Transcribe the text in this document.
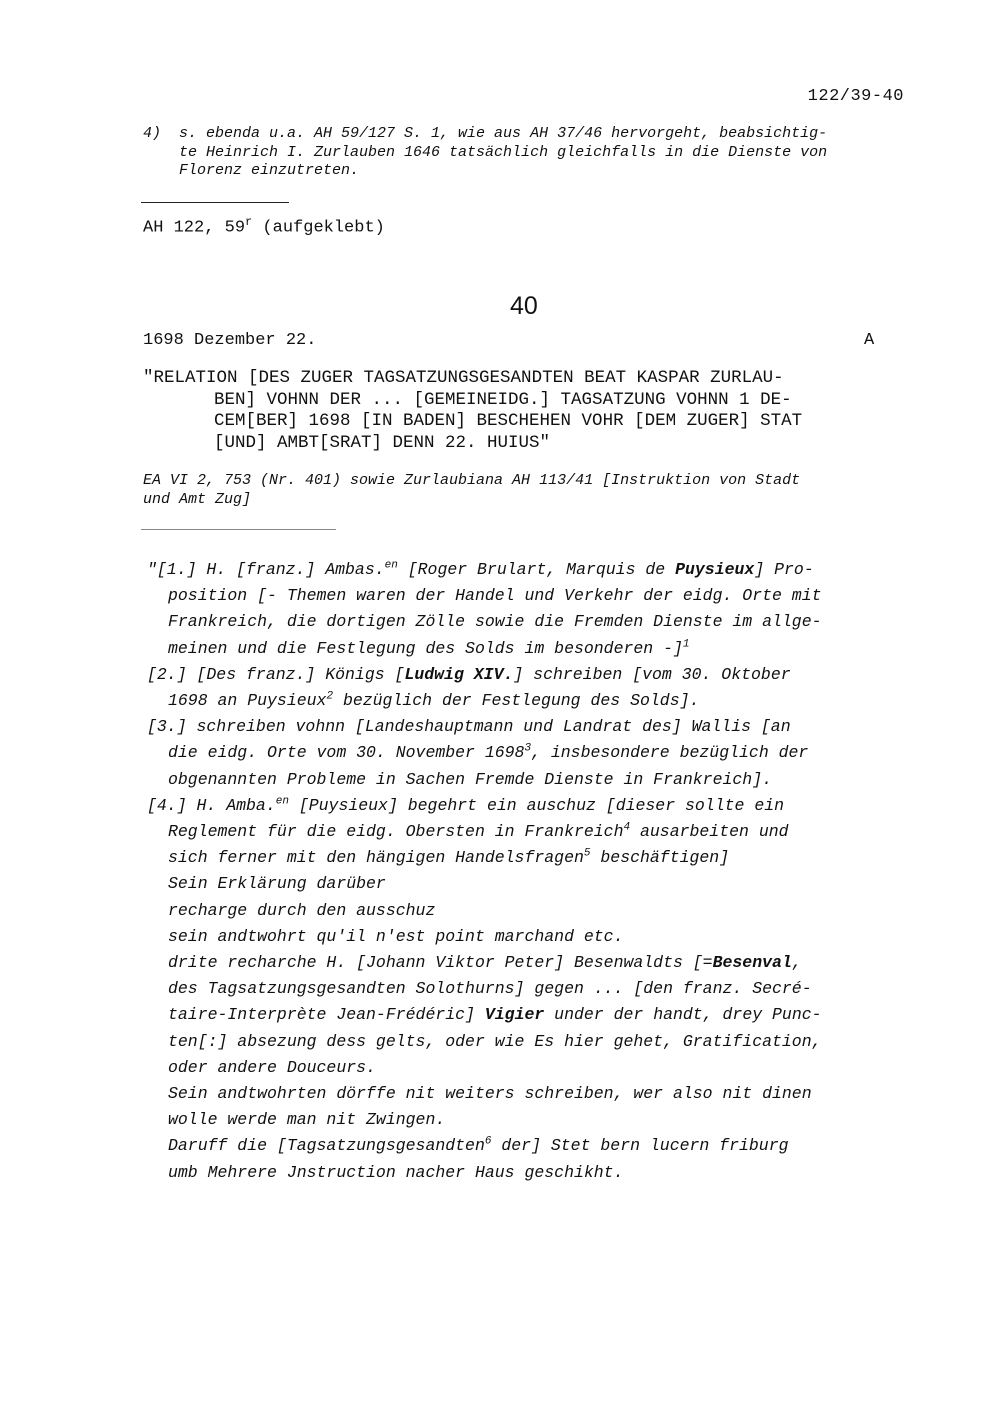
122/39-40
4)  s. ebenda u.a. AH 59/127 S. 1, wie aus AH 37/46 hervorgeht, beabsichtig-
te Heinrich I. Zurlauben 1646 tatsächlich gleichfalls in die Dienste von
Florenz einzutreten.
AH 122, 59$^r$ (aufgeklebt)
40
1698 Dezember 22.	A
"RELATION [DES ZUGER TAGSATZUNGSGESANDTEN BEAT KASPAR ZURLAU-
BEN] VOHNN DER ... [GEMEINEIDG.] TAGSATZUNG VOHNN 1 DE-
CEM[BER] 1698 [IN BADEN] BESCHEHEN VOHR [DEM ZUGER] STAT
[UND] AMBT[SRAT] DENN 22. HUIUS"
EA VI 2, 753 (Nr. 401) sowie Zurlaubiana AH 113/41 [Instruktion von Stadt
und Amt Zug]
"[1.] H. [franz.] Ambas.$^{en}$ [Roger Brulart, Marquis de Puysieux] Pro-
position [- Themen waren der Handel und Verkehr der eidg. Orte mit
Frankreich, die dortigen Zölle sowie die Fremden Dienste im allge-
meinen und die Festlegung des Solds im besonderen -]$^1$
[2.] [Des franz.] Königs [Ludwig XIV.] schreiben [vom 30. Oktober
1698 an Puysieux$^2$ bezüglich der Festlegung des Solds].
[3.] schreiben vohnn [Landeshauptmann und Landrat des] Wallis [an
die eidg. Orte vom 30. November 1698$^3$, insbesondere bezüglich der
obgenannten Probleme in Sachen Fremde Dienste in Frankreich].
[4.] H. Amba.$^{en}$ [Puysieux] begehrt ein auschuz [dieser sollte ein
Reglement für die eidg. Obersten in Frankreich$^4$ ausarbeiten und
sich ferner mit den hängigen Handelsfragen$^5$ beschäftigen]
Sein Erklärung darüber
recharge durch den ausschuz
sein andtwohrt qu'il n'est point marchand etc.
drite recharche H. [Johann Viktor Peter] Besenwaldts [=Besenval,
des Tagsatzungsgesandten Solothurns] gegen ... [den franz. Secré-
taire-Interprète Jean-Frédéric] Vigier under der handt, drey Punc-
ten[:] absezung dess gelts, oder wie Es hier gehet, Gratification,
oder andere Douceurs.
Sein andtwohrten dörffe nit weiters schreiben, wer also nit dinen
wolle werde man nit Zwingen.
Daruff die [Tagsatzungsgesandten$^6$ der] Stet bern lucern friburg
umb Mehrere Jnstruction nacher Haus geschikht.
